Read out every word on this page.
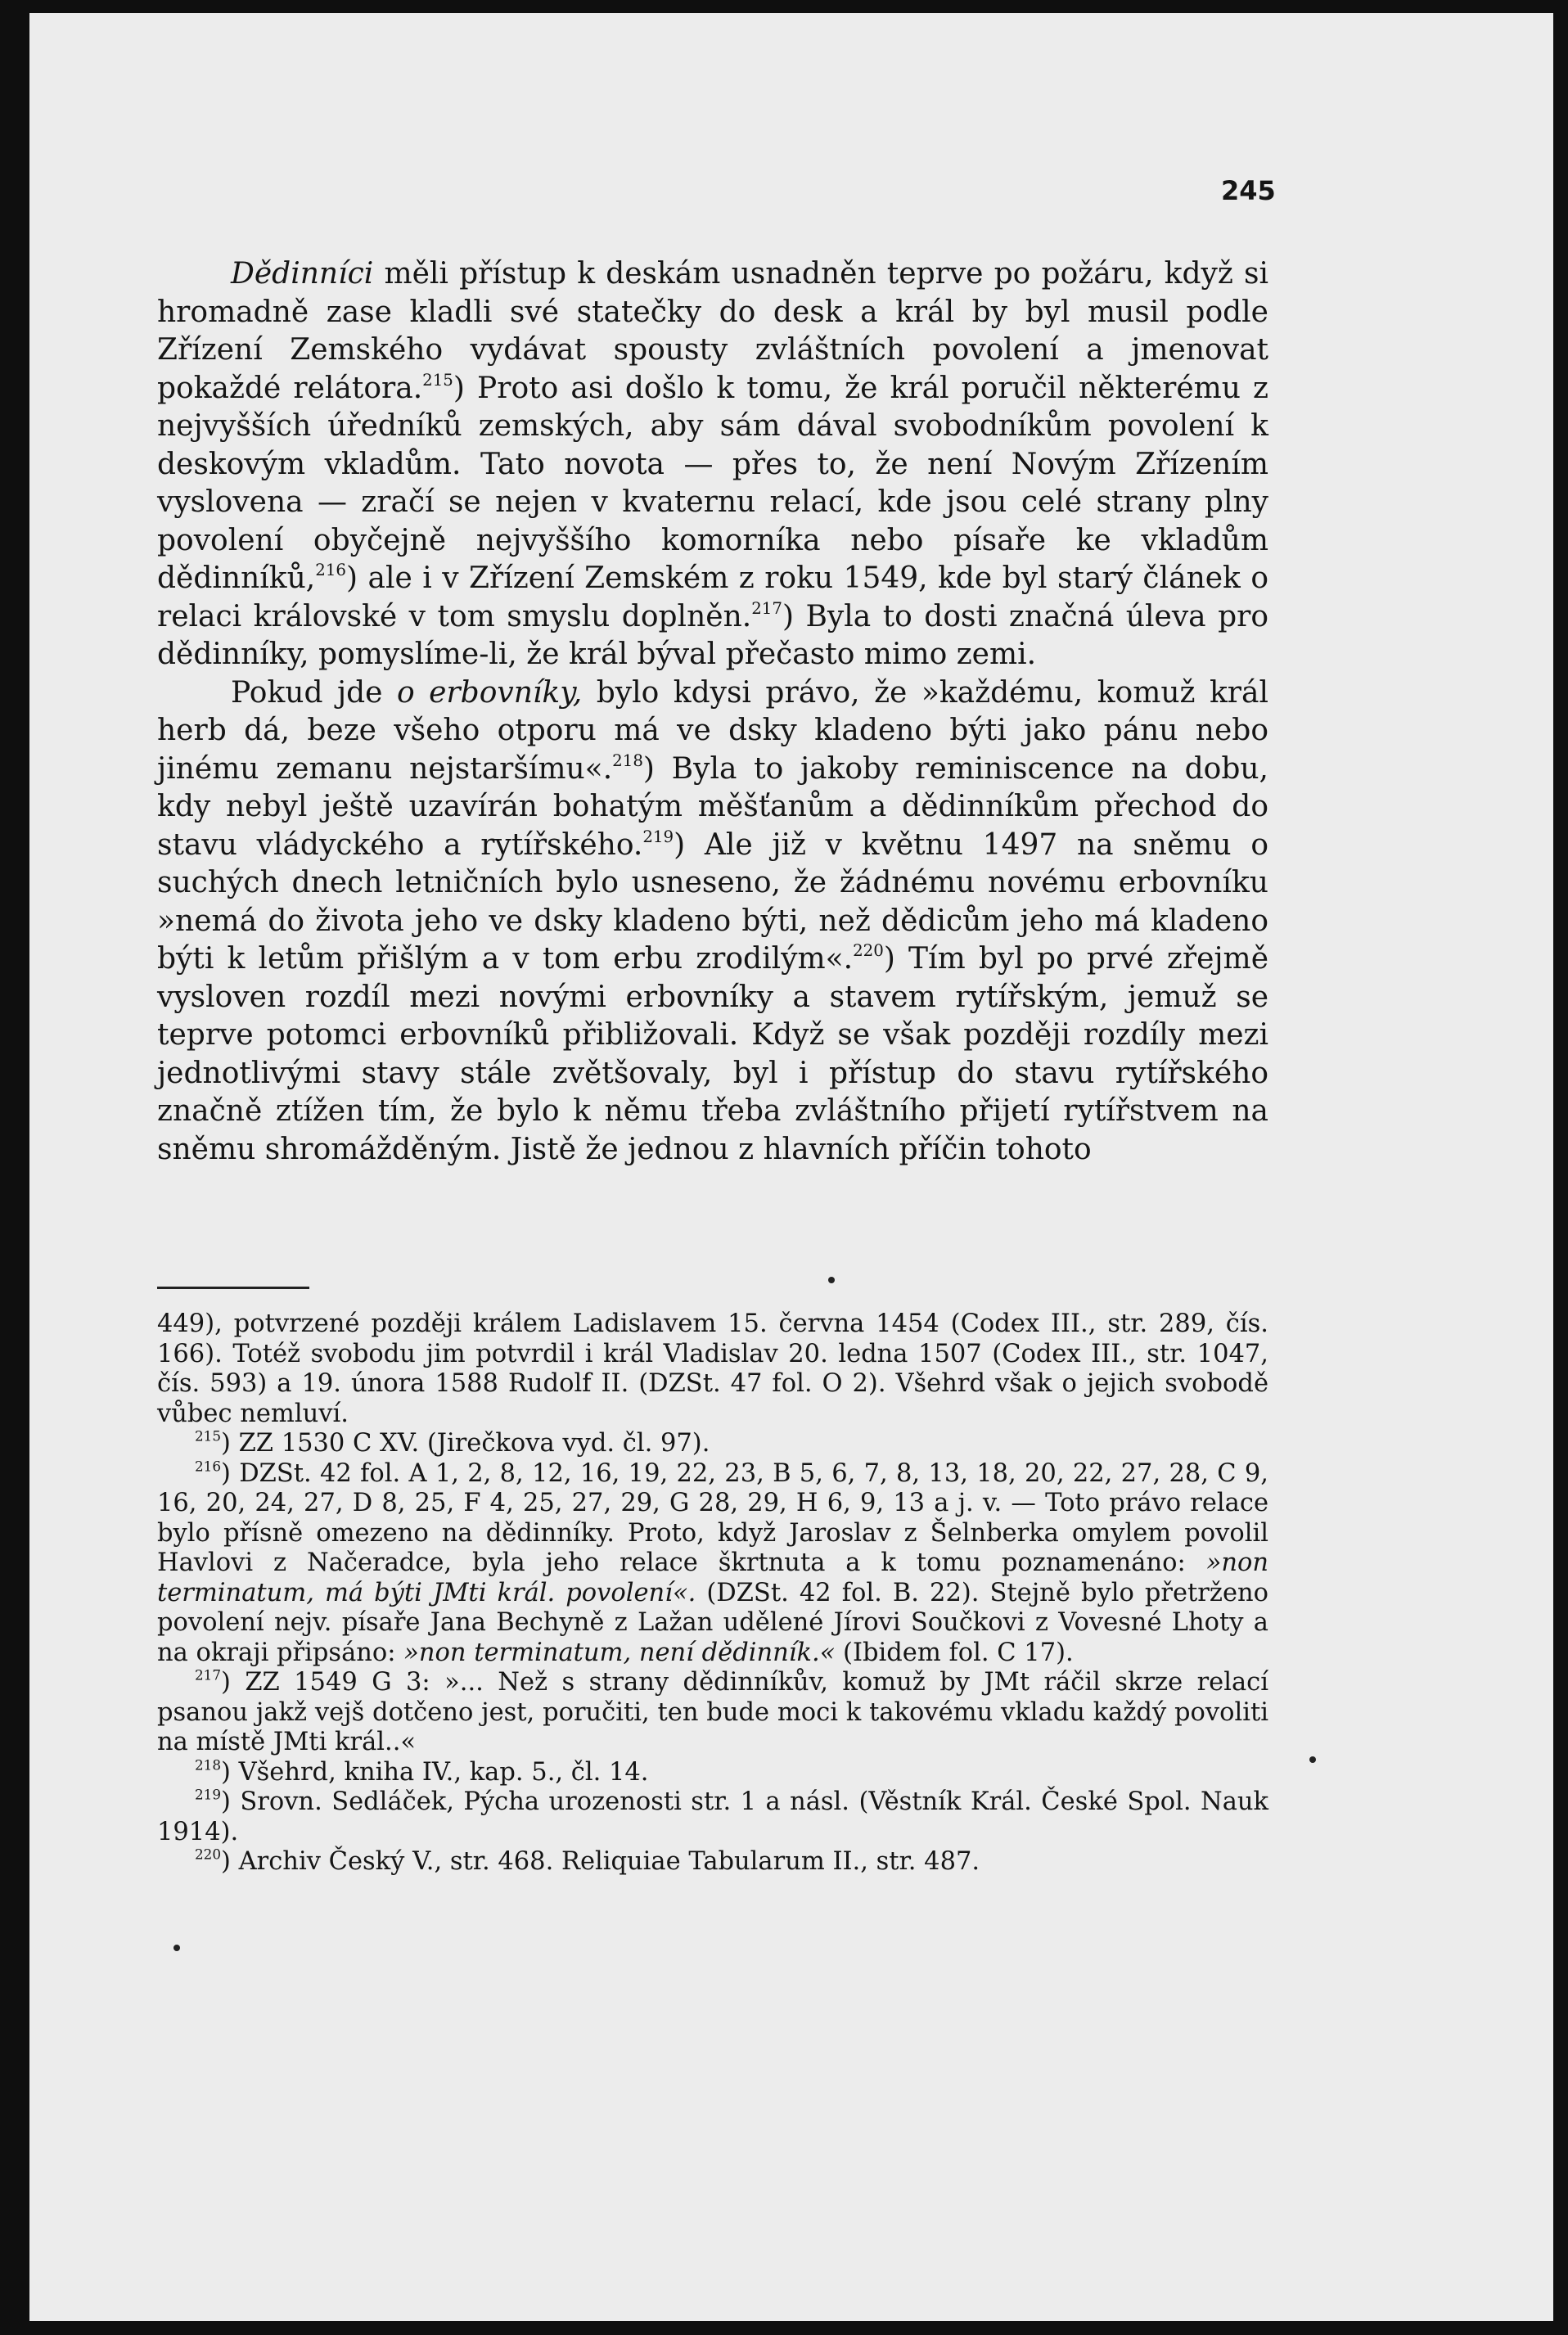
245

Dědinníci měli přístup k deskám usnadněn teprve po požáru, když si hromadně zase kladli své statečky do desk a král by byl musil podle Zřízení Zemského vydávat spousty zvláštních povolení a jmenovat pokaždé relátora.$^{215}$) Proto asi došlo k tomu, že král poručil některému z nejvyšších úředníků zemských, aby sám dával svobodníkům povolení k deskovým vkladům. Tato novota — přes to, že není Novým Zřízením vyslovena — zračí se nejen v kvaternu relací, kde jsou celé strany plny povolení obyčejně nejvyššího komorníka nebo písaře ke vkladům dědinníků,$^{216}$) ale i v Zřízení Zemském z roku 1549, kde byl starý článek o relaci královské v tom smyslu doplněn.$^{217}$) Byla to dosti značná úleva pro dědinníky, pomyslíme-li, že král býval přečasto mimo zemi.

Pokud jde o erbovníky, bylo kdysi právo, že »každému, komuž král herb dá, beze všeho otporu má ve dsky kladeno býti jako pánu nebo jinému zemanu nejstaršímu«.$^{218}$) Byla to jakoby reminiscence na dobu, kdy nebyl ještě uzavírán bohatým měšťanům a dědinníkům přechod do stavu vládyckého a rytířského.$^{219}$) Ale již v květnu 1497 na sněmu o suchých dnech letničních bylo usneseno, že žádnému novému erbovníku »nemá do života jeho ve dsky kladeno býti, než dědicům jeho má kladeno býti k letům přišlým a v tom erbu zrodilým«.$^{220}$) Tím byl po prvé zřejmě vysloven rozdíl mezi novými erbovníky a stavem rytířským, jemuž se teprve potomci erbovníků přibližovali. Když se však později rozdíly mezi jednotlivými stavy stále zvětšovaly, byl i přístup do stavu rytířského značně ztížen tím, že bylo k němu třeba zvláštního přijetí rytířstvem na sněmu shromážděným. Jistě že jednou z hlavních příčin tohoto

449), potvrzené později králem Ladislavem 15. června 1454 (Codex III., str. 289, čís. 166). Totéž svobodu jim potvrdil i král Vladislav 20. ledna 1507 (Codex III., str. 1047, čís. 593) a 19. února 1588 Rudolf II. (DZSt. 47 fol. O 2). Všehrd však o jejich svobodě vůbec nemluví.

$^{215}$) ZZ 1530 C XV. (Jirečkova vyd. čl. 97).

$^{216}$) DZSt. 42 fol. A 1, 2, 8, 12, 16, 19, 22, 23, B 5, 6, 7, 8, 13, 18, 20, 22, 27, 28, C 9, 16, 20, 24, 27, D 8, 25, F 4, 25, 27, 29, G 28, 29, H 6, 9, 13 a j. v. — Toto právo relace bylo přísně omezeno na dědinníky. Proto, když Jaroslav z Šelnberka omylem povolil Havlovi z Načeradce, byla jeho relace škrtnuta a k tomu poznamenáno: »non terminatum, má býti JMti král. povolení«. (DZSt. 42 fol. B. 22). Stejně bylo přetrženo povolení nejv. písaře Jana Bechyně z Lažan udělené Jírovi Součkovi z Vovesné Lhoty a na okraji připsáno: »non terminatum, není dědinník.« (Ibidem fol. C 17).

$^{217}$) ZZ 1549 G 3: »... Než s strany dědinníkův, komuž by JMt ráčil skrze relací psanou jakž vejš dotčeno jest, poručiti, ten bude moci k takovému vkladu každý povoliti na místě JMti král..«

$^{218}$) Všehrd, kniha IV., kap. 5., čl. 14.

$^{219}$) Srovn. Sedláček, Pýcha urozenosti str. 1 a násl. (Věstník Král. České Spol. Nauk 1914).

$^{220}$) Archiv Český V., str. 468. Reliquiae Tabularum II., str. 487.
